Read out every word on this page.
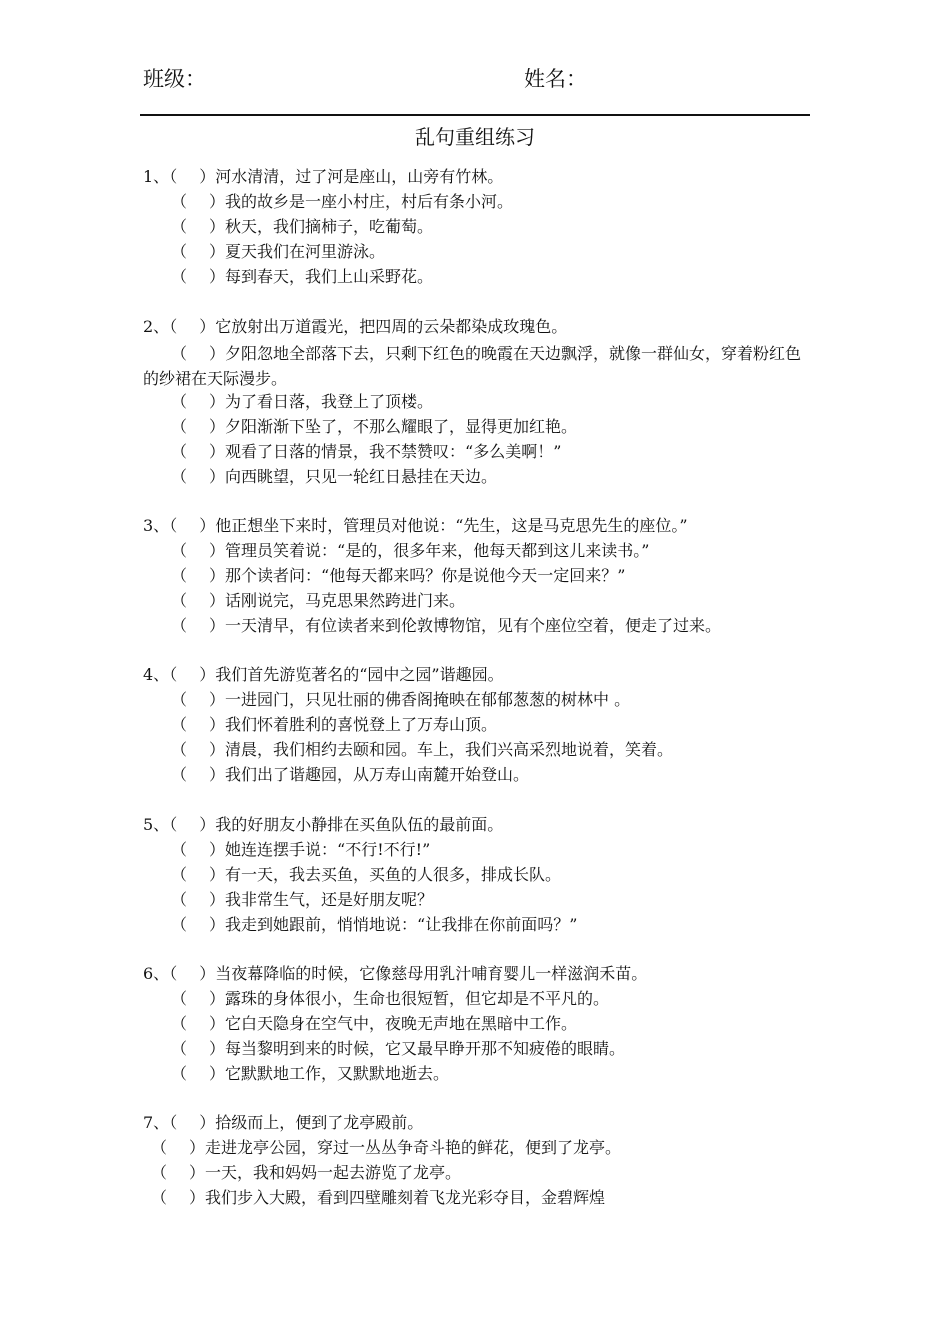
班级：	姓名：
乱句重组练习
1、（ ）河水清清，过了河是座山，山旁有竹林。
（ ）我的故乡是一座小村庄，村后有条小河。
（ ）秋天，我们摘柿子，吃葡萄。
（ ）夏天我们在河里游泳。
（ ）每到春天，我们上山采野花。
2、（ ）它放射出万道霞光，把四周的云朵都染成玫瑰色。
（ ）夕阳忽地全部落下去，只剩下红色的晚霞在天边飘浮，就像一群仙女，穿着粉红色的纱裙在天际漫步。
（ ）为了看日落，我登上了顶楼。
（ ）夕阳渐渐下坠了，不那么耀眼了，显得更加红艳。
（ ）观看了日落的情景，我不禁赞叹：“多么美啊！”
（ ）向西眺望，只见一轮红日悬挂在天边。
3、（ ）他正想坐下来时，管理员对他说：“先生，这是马克思先生的座位。”
（ ）管理员笑着说：“是的，很多年来，他每天都到这儿来读书。”
（ ）那个读者问：“他每天都来吗？你是说他今天一定回来？”
（ ）话刚说完，马克思果然跨进门来。
（ ）一天清早，有位读者来到伦敦博物馆，见有个座位空着，便走了过来。
4、（ ）我们首先游览著名的“园中之园”谐趣园。
（ ）一进园门，只见壮丽的佛香阁掩映在郁郁葱葱的树林中 。
（ ）我们怀着胜利的喜悦登上了万寿山顶。
（ ）清晨，我们相约去颐和园。车上，我们兴高采烈地说着，笑着。
（ ）我们出了谐趣园，从万寿山南麓开始登山。
5、（ ）我的好朋友小静排在买鱼队伍的最前面。
（ ）她连连摆手说：“不行!不行!”
（ ）有一天，我去买鱼，买鱼的人很多，排成长队。
（ ）我非常生气，还是好朋友呢？
（ ）我走到她跟前，悄悄地说：“让我排在你前面吗？”
6、（ ）当夜幕降临的时候，它像慈母用乳汁哺育婴儿一样滋润禾苗。
（ ）露珠的身体很小，生命也很短暂，但它却是不平凡的。
（ ）它白天隐身在空气中，夜晚无声地在黑暗中工作。
（ ）每当黎明到来的时候，它又最早睁开那不知疲倦的眼睛。
（ ）它默默地工作，又默默地逝去。
7、（ ）拾级而上，便到了龙亭殿前。
（ ）走进龙亭公园，穿过一丛丛争奇斗艳的鲜花，便到了龙亭。
（ ）一天，我和妈妈一起去游览了龙亭。
（ ）我们步入大殿，看到四壁雕刻着飞龙光彩夺目，金碧辉煌
